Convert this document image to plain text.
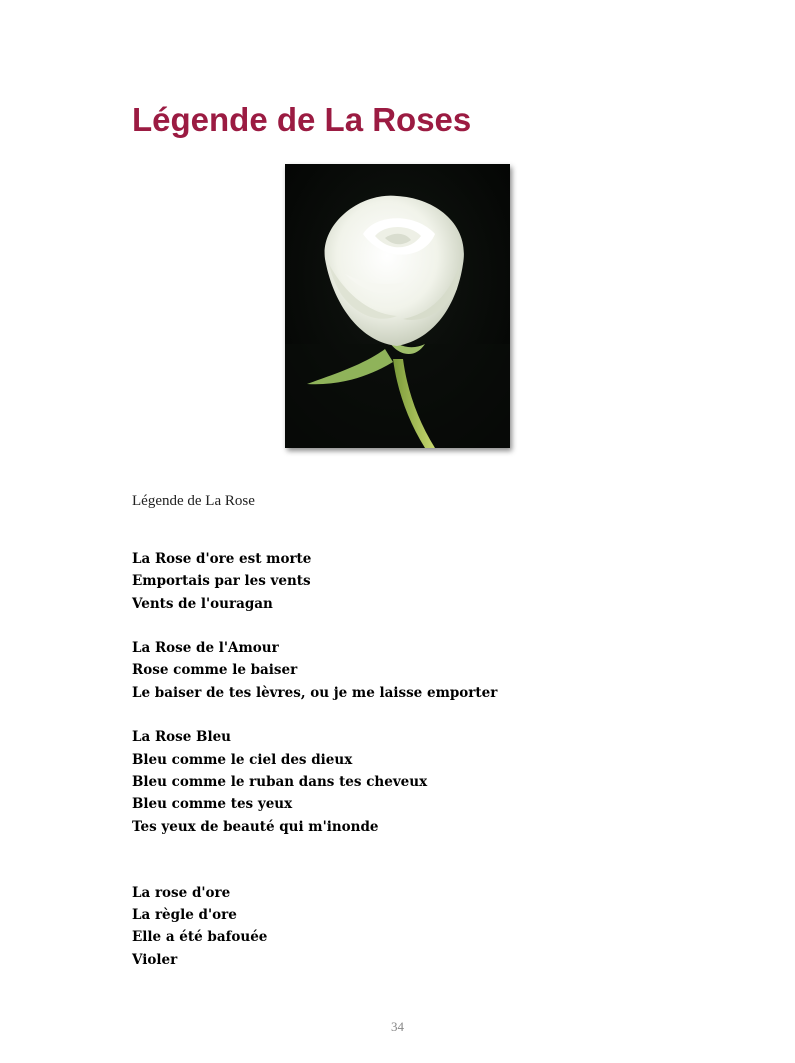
Légende de La Roses
Légende de La Rose
La Rose d'ore est morte
Emportais par les vents
Vents de l'ouragan
La Rose de l'Amour
Rose comme le baiser
Le baiser de tes lèvres, ou je me laisse emporter
La Rose Bleu
Bleu comme le ciel des dieux
Bleu comme le ruban dans tes cheveux
Bleu comme tes yeux
Tes yeux de beauté qui m'inonde
La rose d'ore
La règle d'ore
Elle a été bafouée
Violer
34
